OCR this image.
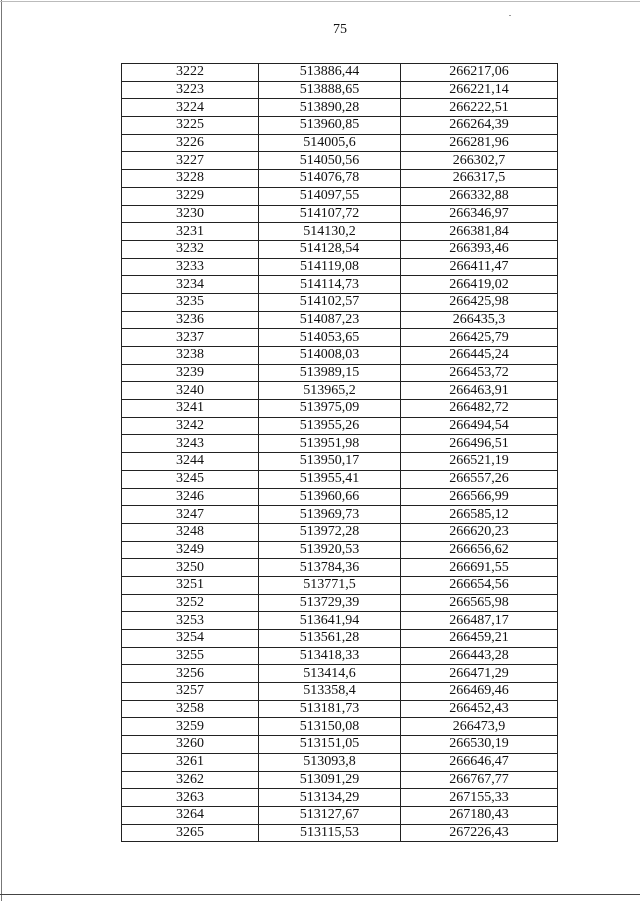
75
3222	513886,44	266217,06
3223	513888,65	266221,14
3224	513890,28	266222,51
3225	513960,85	266264,39
3226	514005,6	266281,96
3227	514050,56	266302,7
3228	514076,78	266317,5
3229	514097,55	266332,88
3230	514107,72	266346,97
3231	514130,2	266381,84
3232	514128,54	266393,46
3233	514119,08	266411,47
3234	514114,73	266419,02
3235	514102,57	266425,98
3236	514087,23	266435,3
3237	514053,65	266425,79
3238	514008,03	266445,24
3239	513989,15	266453,72
3240	513965,2	266463,91
3241	513975,09	266482,72
3242	513955,26	266494,54
3243	513951,98	266496,51
3244	513950,17	266521,19
3245	513955,41	266557,26
3246	513960,66	266566,99
3247	513969,73	266585,12
3248	513972,28	266620,23
3249	513920,53	266656,62
3250	513784,36	266691,55
3251	513771,5	266654,56
3252	513729,39	266565,98
3253	513641,94	266487,17
3254	513561,28	266459,21
3255	513418,33	266443,28
3256	513414,6	266471,29
3257	513358,4	266469,46
3258	513181,73	266452,43
3259	513150,08	266473,9
3260	513151,05	266530,19
3261	513093,8	266646,47
3262	513091,29	266767,77
3263	513134,29	267155,33
3264	513127,67	267180,43
3265	513115,53	267226,43
